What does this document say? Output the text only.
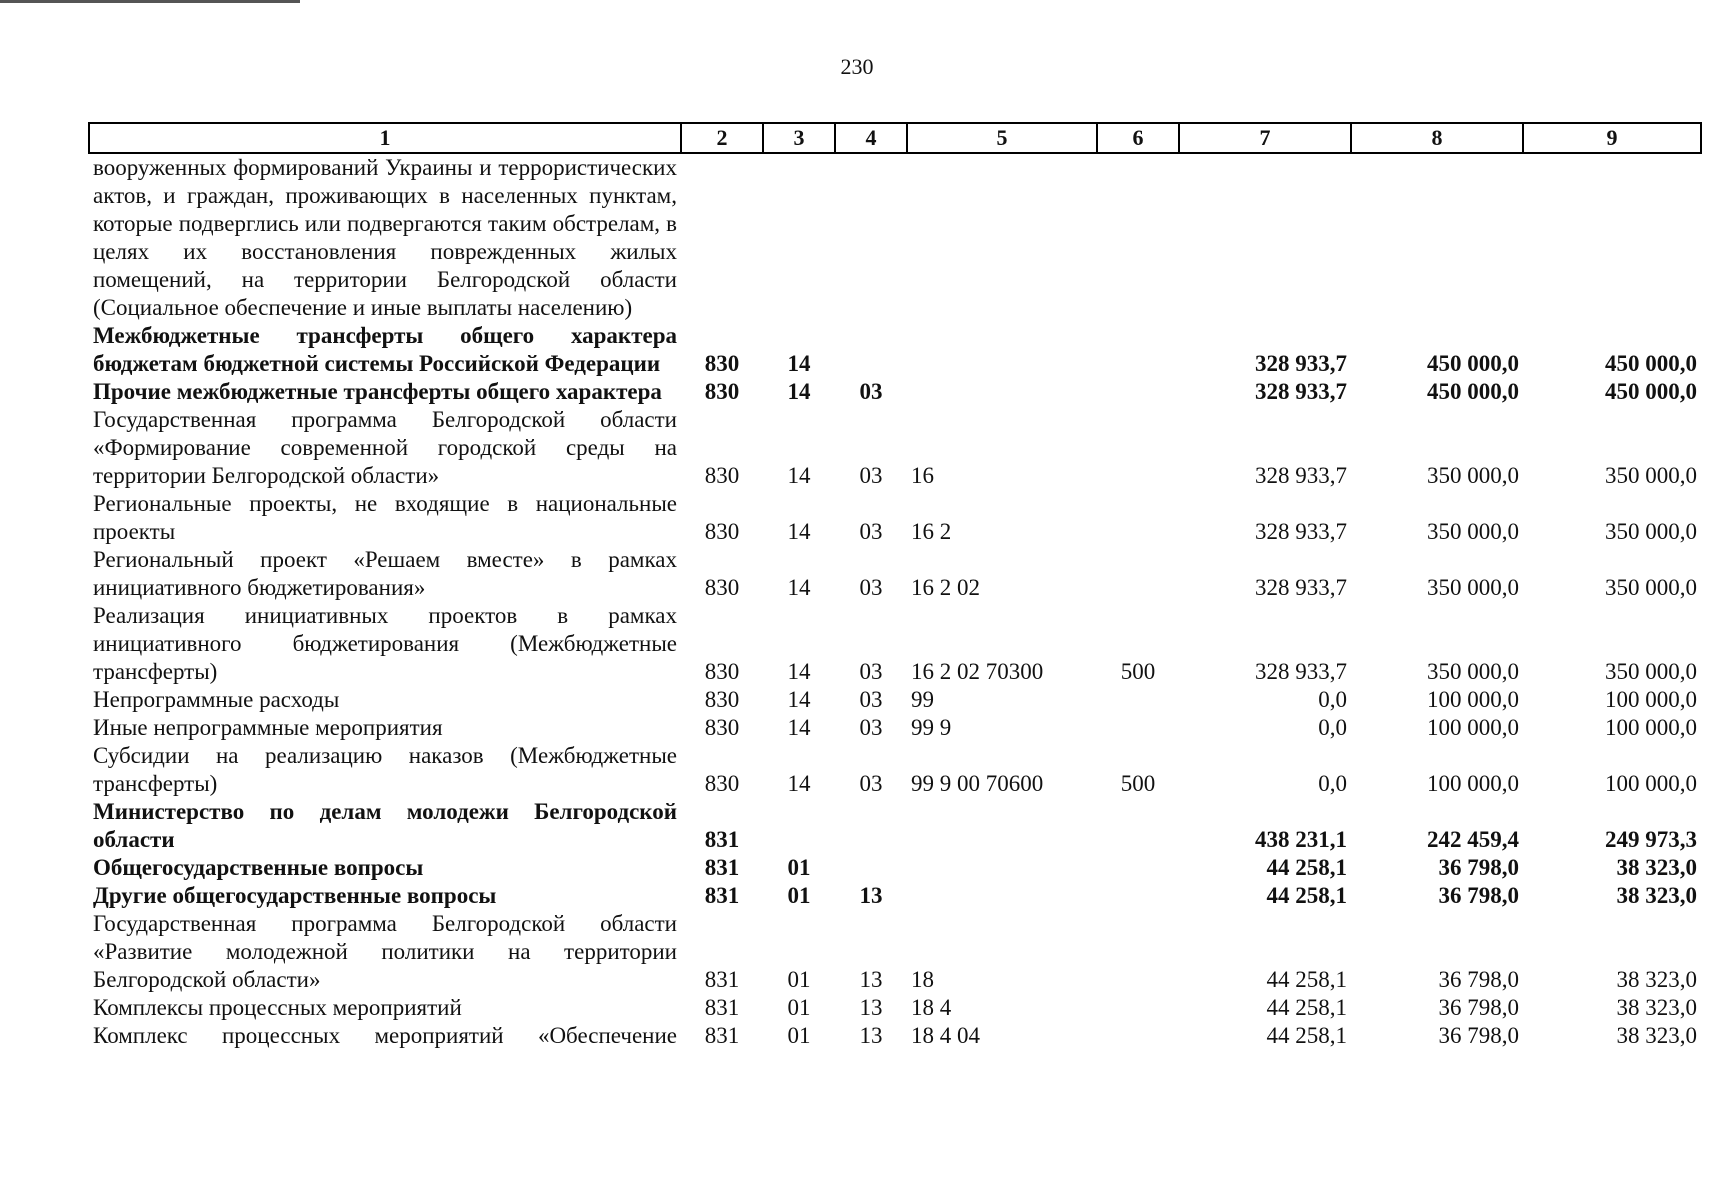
230
1	2	3	4	5	6	7	8	9
вооруженных формирований Украины и террористических актов, и граждан, проживающих в населенных пунктам, которые подверглись или подвергаются таким обстрелам, в целях их восстановления поврежденных жилых помещений, на территории Белгородской области (Социальное обеспечение и иные выплаты населению)								
Межбюджетные трансферты общего характера бюджетам бюджетной системы Российской Федерации	830	14				328 933,7	450 000,0	450 000,0
Прочие межбюджетные трансферты общего характера	830	14	03			328 933,7	450 000,0	450 000,0
Государственная программа Белгородской области «Формирование современной городской среды на территории Белгородской области»	830	14	03	16		328 933,7	350 000,0	350 000,0
Региональные проекты, не входящие в национальные проекты	830	14	03	16 2		328 933,7	350 000,0	350 000,0
Региональный проект «Решаем вместе» в рамках инициативного бюджетирования»	830	14	03	16 2 02		328 933,7	350 000,0	350 000,0
Реализация инициативных проектов в рамках инициативного бюджетирования (Межбюджетные трансферты)	830	14	03	16 2 02 70300	500	328 933,7	350 000,0	350 000,0
Непрограммные расходы	830	14	03	99		0,0	100 000,0	100 000,0
Иные непрограммные мероприятия	830	14	03	99 9		0,0	100 000,0	100 000,0
Субсидии на реализацию наказов (Межбюджетные трансферты)	830	14	03	99 9 00 70600	500	0,0	100 000,0	100 000,0
Министерство по делам молодежи Белгородской области	831					438 231,1	242 459,4	249 973,3
Общегосударственные вопросы	831	01				44 258,1	36 798,0	38 323,0
Другие общегосударственные вопросы	831	01	13			44 258,1	36 798,0	38 323,0
Государственная программа Белгородской области «Развитие молодежной политики на территории Белгородской области»	831	01	13	18		44 258,1	36 798,0	38 323,0
Комплексы процессных мероприятий	831	01	13	18 4		44 258,1	36 798,0	38 323,0
Комплекс процессных мероприятий «Обеспечение	831	01	13	18 4 04		44 258,1	36 798,0	38 323,0
